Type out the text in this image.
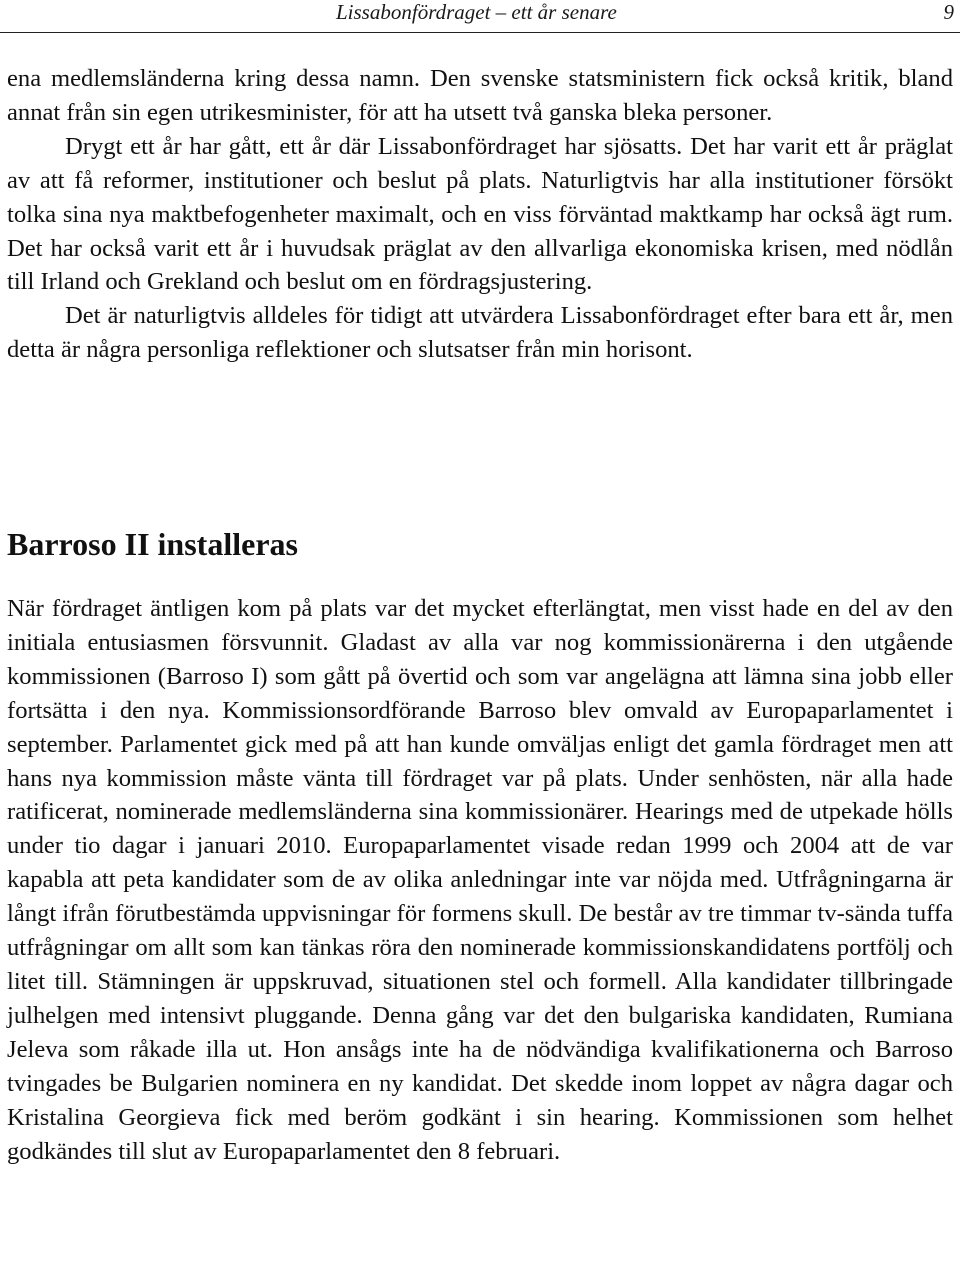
Lissabonfördraget – ett år senare	9

ena medlemsländerna kring dessa namn. Den svenske statsministern fick också kritik, bland annat från sin egen utrikesminister, för att ha utsett två ganska bleka personer.

Drygt ett år har gått, ett år där Lissabonfördraget har sjösatts. Det har varit ett år präglat av att få reformer, institutioner och beslut på plats. Naturligtvis har alla institutioner försökt tolka sina nya maktbefogenheter maximalt, och en viss förväntad maktkamp har också ägt rum. Det har också varit ett år i huvudsak präglat av den allvarliga ekonomiska krisen, med nödlån till Irland och Grekland och beslut om en fördragsjustering.

Det är naturligtvis alldeles för tidigt att utvärdera Lissabonfördraget efter bara ett år, men detta är några personliga reflektioner och slutsatser från min horisont.

Barroso II installeras

När fördraget äntligen kom på plats var det mycket efterlängtat, men visst hade en del av den initiala entusiasmen försvunnit. Gladast av alla var nog kommissionärerna i den utgående kommissionen (Barroso I) som gått på övertid och som var angelägna att lämna sina jobb eller fortsätta i den nya. Kommissionsordförande Barroso blev omvald av Europaparlamentet i september. Parlamentet gick med på att han kunde omväljas enligt det gamla fördraget men att hans nya kommission måste vänta till fördraget var på plats. Under senhösten, när alla hade ratificerat, nominerade medlemsländerna sina kommissionärer. Hearings med de utpekade hölls under tio dagar i januari 2010. Europaparlamentet visade redan 1999 och 2004 att de var kapabla att peta kandidater som de av olika anledningar inte var nöjda med. Utfrågningarna är långt ifrån förutbestämda uppvisningar för formens skull. De består av tre timmar tv-sända tuffa utfrågningar om allt som kan tänkas röra den nominerade kommissionskandidatens portfölj och litet till. Stämningen är uppskruvad, situationen stel och formell. Alla kandidater tillbringade julhelgen med intensivt pluggande. Denna gång var det den bulgariska kandidaten, Rumiana Jeleva som råkade illa ut. Hon ansågs inte ha de nödvändiga kvalifikationerna och Barroso tvingades be Bulgarien nominera en ny kandidat. Det skedde inom loppet av några dagar och Kristalina Georgieva fick med beröm godkänt i sin hearing. Kommissionen som helhet godkändes till slut av Europaparlamentet den 8 februari.
